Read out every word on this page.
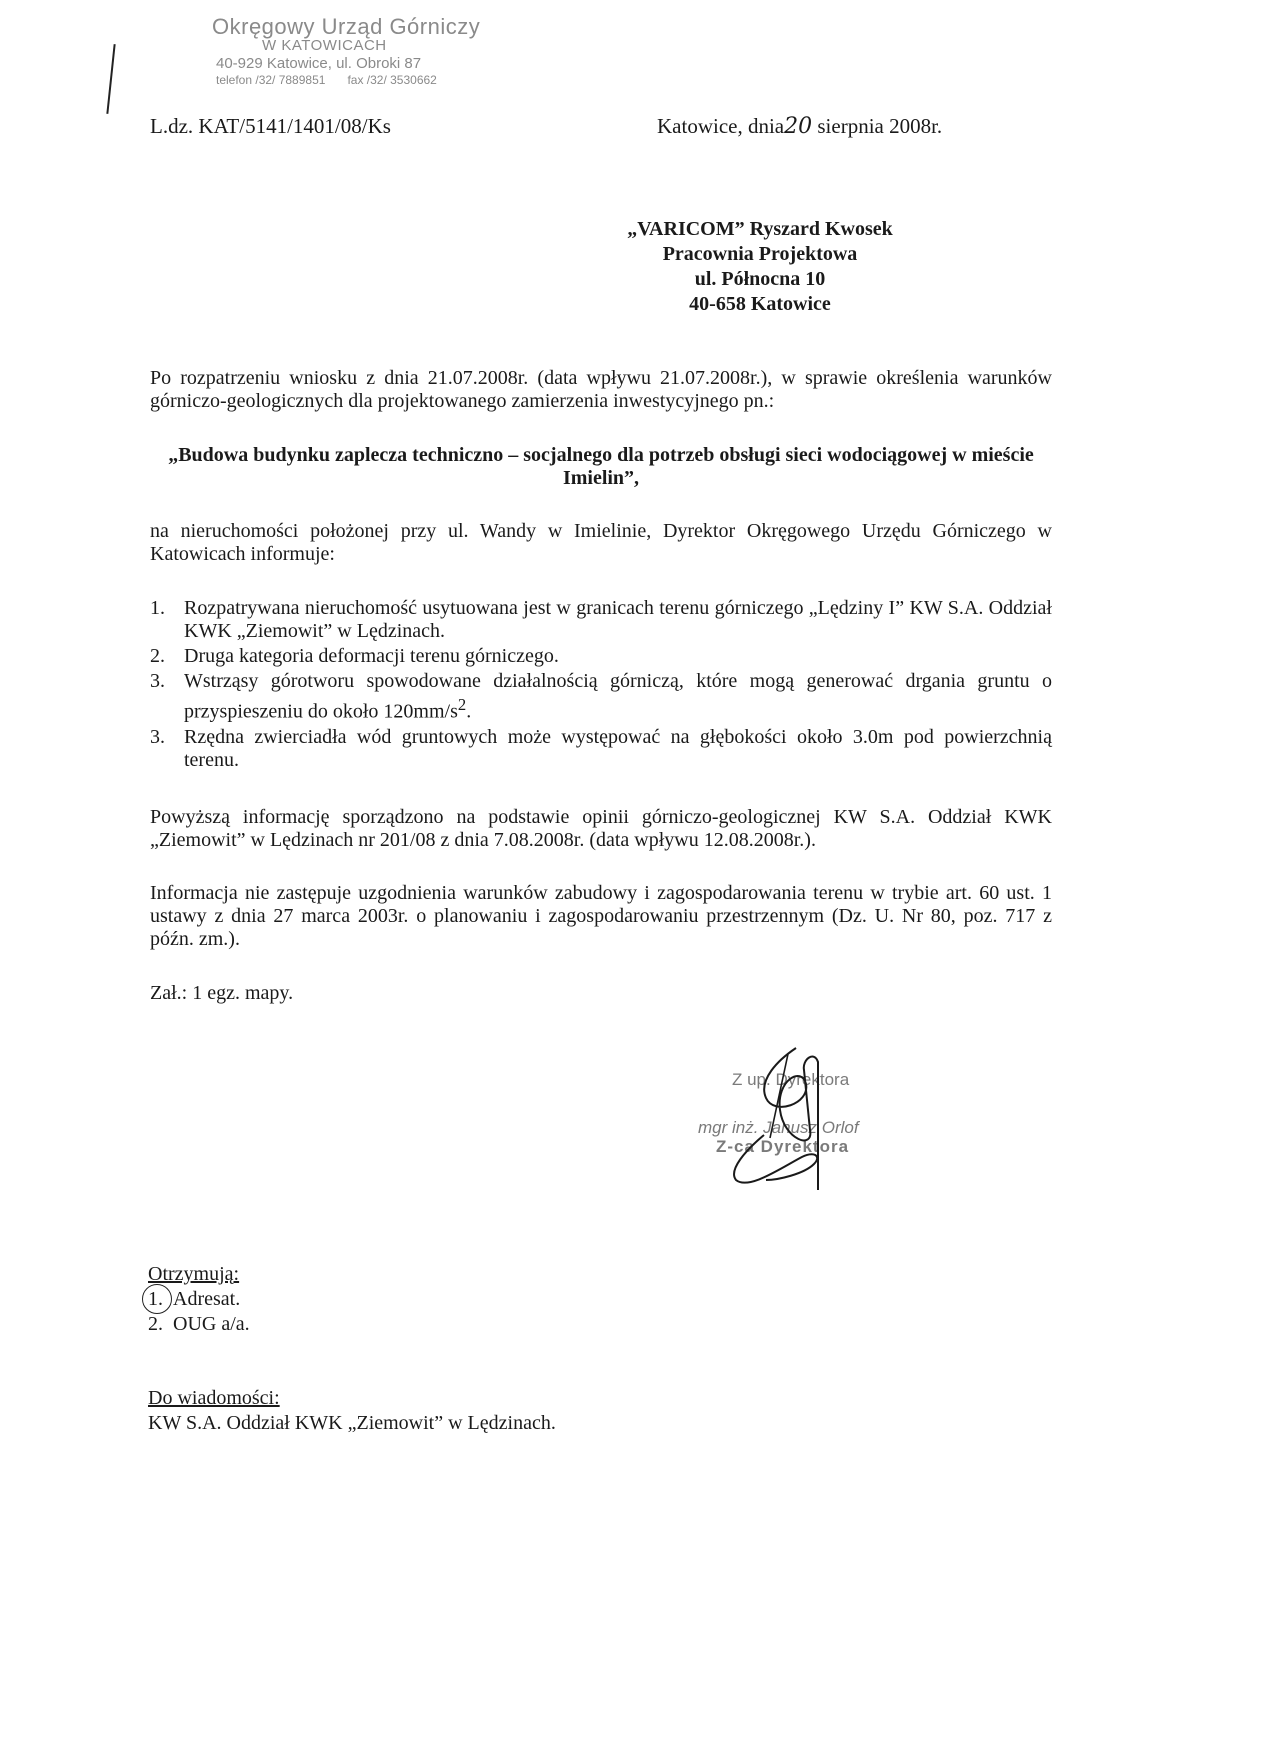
Okręgowy Urząd Górniczy
W KATOWICACH
40-929 Katowice, ul. Obroki 87
telefon /32/ 7889851 fax /32/ 3530662
L.dz. KAT/5141/1401/08/Ks	Katowice, dnia20 sierpnia 2008r.
„VARICOM” Ryszard Kwosek
Pracownia Projektowa
ul. Północna 10
40-658 Katowice
Po rozpatrzeniu wniosku z dnia 21.07.2008r. (data wpływu 21.07.2008r.), w sprawie określenia warunków górniczo-geologicznych dla projektowanego zamierzenia inwestycyjnego pn.:
„Budowa budynku zaplecza techniczno – socjalnego dla potrzeb obsługi sieci wodociągowej w mieście Imielin”,
na nieruchomości położonej przy ul. Wandy w Imielinie, Dyrektor Okręgowego Urzędu Górniczego w Katowicach informuje:
1. Rozpatrywana nieruchomość usytuowana jest w granicach terenu górniczego „Lędziny I” KW S.A. Oddział KWK „Ziemowit” w Lędzinach.
2. Druga kategoria deformacji terenu górniczego.
3. Wstrząsy górotworu spowodowane działalnością górniczą, które mogą generować drgania gruntu o przyspieszeniu do około $120mm/s^2$.
3. Rzędna zwierciadła wód gruntowych może występować na głębokości około 3.0m pod powierzchnią terenu.
Powyższą informację sporządzono na podstawie opinii górniczo-geologicznej KW S.A. Oddział KWK „Ziemowit” w Lędzinach nr 201/08 z dnia 7.08.2008r. (data wpływu 12.08.2008r.).
Informacja nie zastępuje uzgodnienia warunków zabudowy i zagospodarowania terenu w trybie art. 60 ust. 1 ustawy z dnia 27 marca 2003r. o planowaniu i zagospodarowaniu przestrzennym (Dz. U. Nr 80, poz. 717 z późn. zm.).
Zał.: 1 egz. mapy.
Z up. Dyrektora
mgr inż. Janusz Orlof
Z-ca Dyrektora
Otrzymują:
1. Adresat.
2. OUG a/a.
Do wiadomości:
KW S.A. Oddział KWK „Ziemowit” w Lędzinach.
